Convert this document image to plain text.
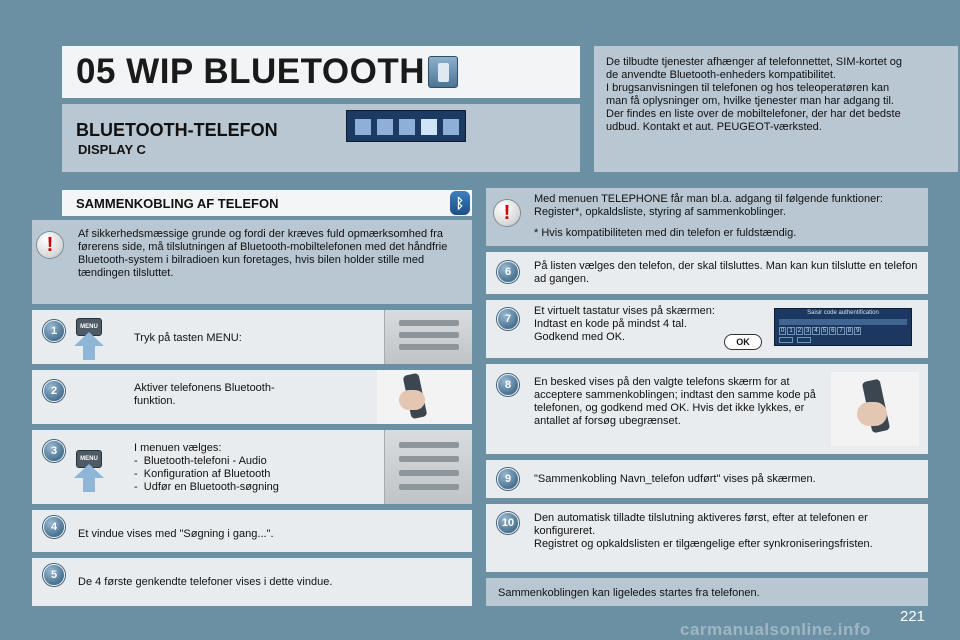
05 WIP BLUETOOTH
BLUETOOTH-TELEFON
DISPLAY C
De tilbudte tjenester afhænger af telefonnettet, SIM-kortet og de anvendte Bluetooth-enheders kompatibilitet.
I brugsanvisningen til telefonen og hos teleoperatøren kan man få oplysninger om, hvilke tjenester man har adgang til. Der findes en liste over de mobiltelefoner, der har det bedste udbud. Kontakt et aut. PEUGEOT-værksted.
SAMMENKOBLING AF TELEFON	ᛒ
!	Af sikkerhedsmæssige grunde og fordi der kræves fuld opmærksomhed fra førerens side, må tilslutningen af Bluetooth-mobiltelefonen med det håndfrie Bluetooth-system i bilradioen kun foretages, hvis bilen holder stille med tændingen tilsluttet.
1	MENU
Tryk på tasten MENU:
2	Aktiver telefonens Bluetooth-funktion.
3
MENU
I menuen vælges:
-  Bluetooth-telefoni - Audio
-  Konfiguration af Bluetooth
-  Udfør en Bluetooth-søgning
4
Et vindue vises med "Søgning i gang...".
5
De 4 første genkendte telefoner vises i dette vindue.
!
Med menuen TELEPHONE får man bl.a. adgang til følgende funktioner: Register*, opkaldsliste, styring af sammenkoblinger.
* Hvis kompatibiliteten med din telefon er fuldstændig.
6	På listen vælges den telefon, der skal tilsluttes. Man kan kun tilslutte en telefon ad gangen.
7
Et virtuelt tastatur vises på skærmen: Indtast en kode på mindst 4 tal. Godkend med OK.	OK
Saisir code authentification
0 1 2 3 4 5 6 7 8 9
8	En besked vises på den valgte telefons skærm for at acceptere sammenkoblingen; indtast den samme kode på telefonen, og godkend med OK. Hvis det ikke lykkes, er antallet af forsøg ubegrænset.
9	"Sammenkobling Navn_telefon udført" vises på skærmen.
10	Den automatisk tilladte tilslutning aktiveres først, efter at telefonen er konfigureret.
Registret og opkaldslisten er tilgængelige efter synkroniseringsfristen.
Sammenkoblingen kan ligeledes startes fra telefonen.
221
carmanualsonline.info
